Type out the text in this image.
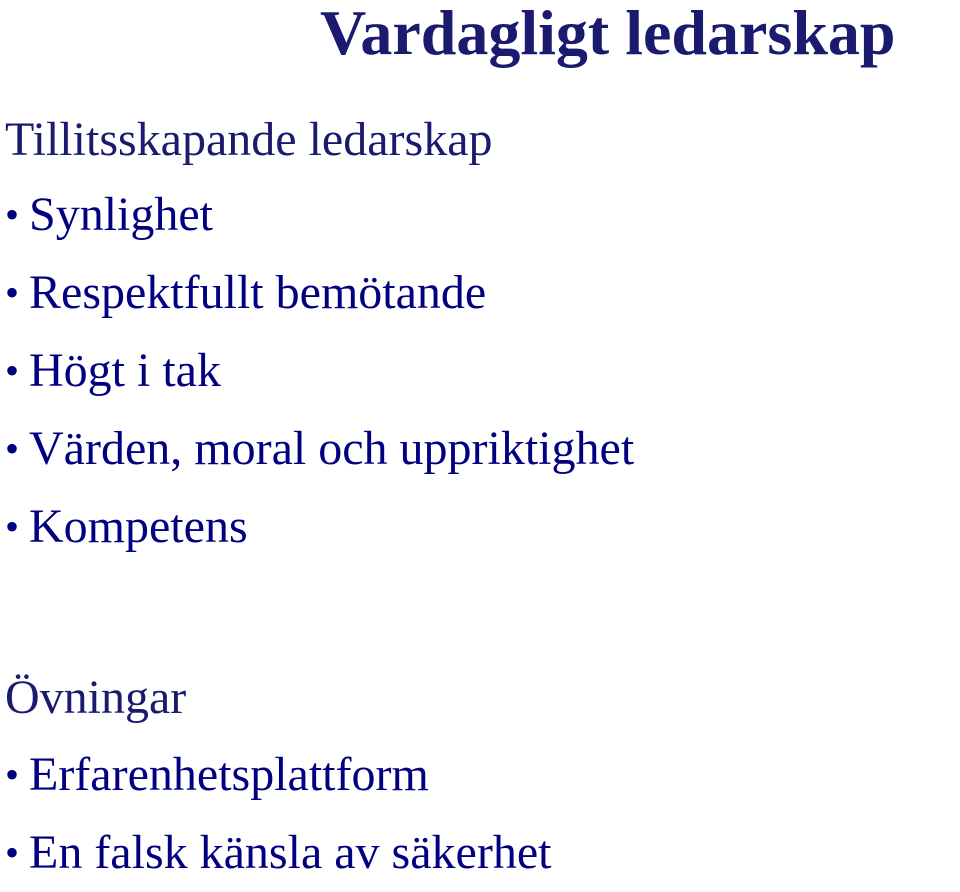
Vardagligt ledarskap
Tillitsskapande ledarskap
• Synlighet
• Respektfullt bemötande
• Högt i tak
• Värden, moral och uppriktighet
• Kompetens
Övningar
• Erfarenhetsplattform
• En falsk känsla av säkerhet
